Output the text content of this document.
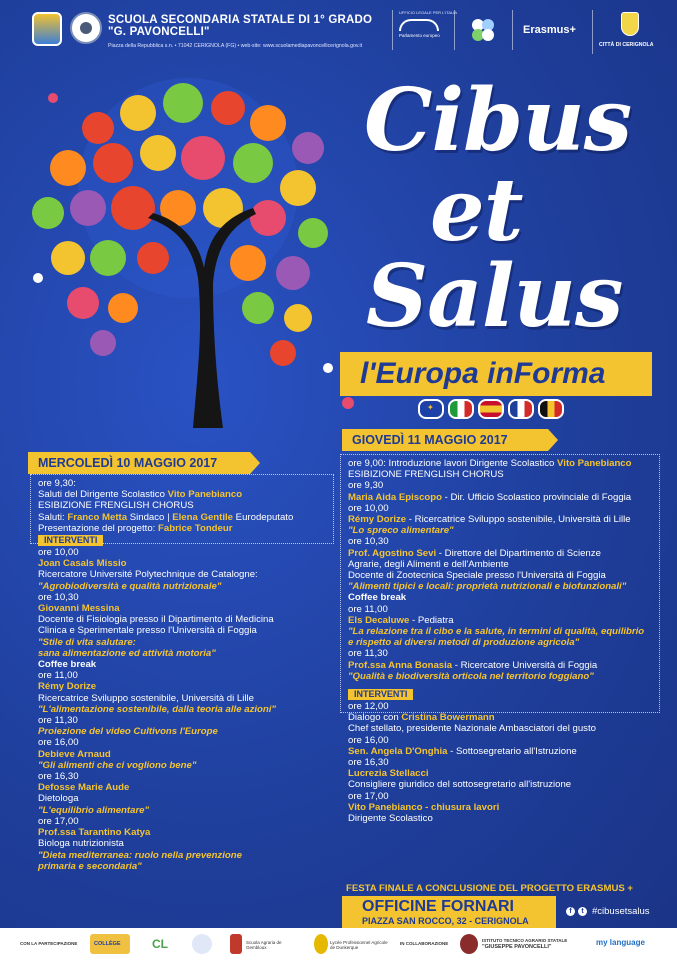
SCUOLA SECONDARIA STATALE DI 1° GRADO
"G. PAVONCELLI"
Piazza della Repubblica s.n. • 71042 CERIGNOLA (FG) • web-site: www.scuolamediapavoncellicerignola.gov.it
UFFICIO LEGALE PER L'ITALIA
Parlamento europeo	Erasmus+
CITTÀ DI CERIGNOLA
Cibus
et
Salus
l'Europa inForma
✦
MERCOLEDÌ 10 MAGGIO 2017
ore 9,30:
Saluti del Dirigente Scolastico Vito Panebianco
ESIBIZIONE FRENGLISH CHORUS
Saluti: Franco Metta Sindaco | Elena Gentile Eurodeputato
Presentazione del progetto: Fabrice Tondeur
INTERVENTI
ore 10,00
Joan Casals Missio
Ricercatore Université Polytechnique de Catalogne:
"Agrobiodiversità e qualità nutrizionale"
ore 10,30
Giovanni Messina
Docente di Fisiologia presso il Dipartimento di Medicina
Clinica e Sperimentale presso l'Università di Foggia
"Stile di vita salutare:
sana alimentazione ed attività motoria"
Coffee break
ore 11,00
Rémy Dorize
Ricercatrice Sviluppo sostenibile, Università di Lille
"L'alimentazione sostenibile, dalla teoria alle azioni"
ore 11,30
Proiezione del video Cultivons l'Europe
ore 16,00
Debieve Arnaud
"Gli alimenti che ci vogliono bene"
ore 16,30
Defosse Marie Aude
Dietologa
"L'equilibrio alimentare"
ore 17,00
Prof.ssa Tarantino Katya
Biologa nutrizionista
"Dieta mediterranea: ruolo nella prevenzione
primaria e secondaria"
GIOVEDÌ 11 MAGGIO 2017
ore 9,00: Introduzione lavori Dirigente Scolastico Vito Panebianco
ESIBIZIONE FRENGLISH CHORUS
ore 9,30
Maria Aida Episcopo - Dir. Ufficio Scolastico provinciale di Foggia
ore 10,00
Rémy Dorize - Ricercatrice Sviluppo sostenibile, Università di Lille
"Lo spreco alimentare"
ore 10,30
Prof. Agostino Sevi - Direttore del Dipartimento di Scienze
Agrarie, degli Alimenti e dell'Ambiente
Docente di Zootecnica Speciale presso l'Università di Foggia
"Alimenti tipici e locali: proprietà nutrizionali e biofunzionali"
Coffee break
ore 11,00
Els Decaluwe - Pediatra
"La relazione tra il cibo e la salute, in termini di qualità, equilibrio
e rispetto ai diversi metodi di produzione agricola"
ore 11,30
Prof.ssa Anna Bonasia - Ricercatore Università di Foggia
"Qualità e biodiversità orticola nel territorio foggiano"
INTERVENTI
ore 12,00
Dialogo con Cristina Bowermann
Chef stellato, presidente Nazionale Ambasciatori del gusto
ore 16,00
Sen. Angela D'Onghia - Sottosegretario all'Istruzione
ore 16,30
Lucrezia Stellacci
Consigliere giuridico del sottosegretario all'istruzione
ore 17,00
Vito Panebianco - chiusura lavori
Dirigente Scolastico
FESTA FINALE A CONCLUSIONE DEL PROGETTO ERASMUS +
OFFICINE FORNARI
PIAZZA SAN ROCCO, 32 - CERIGNOLA
f	t #cibusetsalus
CON LA PARTECIPAZIONE	COLLÈGE	CL	Scuola Agraria de Gembloux
Lycée Professionnel Agricole de Dunkerque
IN COLLABORAZIONE
ISTITUTO TECNICO AGRARIO STATALE
"GIUSEPPE PAVONCELLI"	my language
